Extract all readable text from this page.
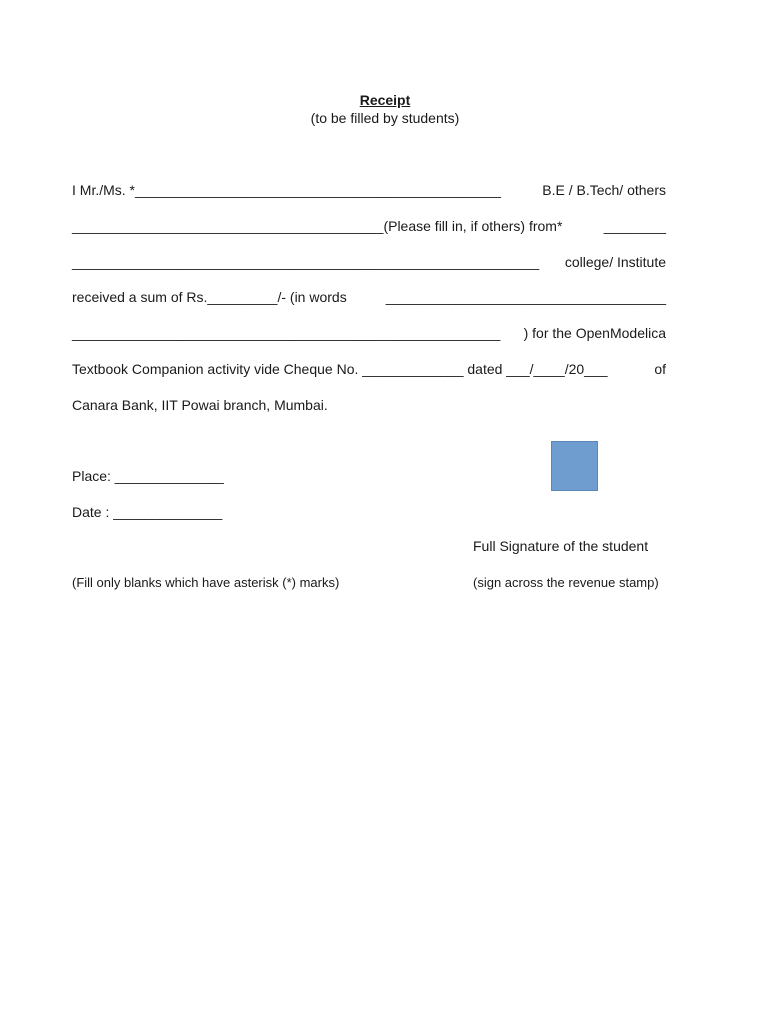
Receipt
(to be filled by students)
I Mr./Ms. *_______________________________________________	B.E / B.Tech/ others
________________________________________(Please fill in, if others) from*	________
____________________________________________________________ college/ Institute
received a sum of Rs._________/- (in words	____________________________________
_______________________________________________________ ) for the OpenModelica
Textbook Companion activity vide Cheque No. _____________ dated ___/____/20___	of
Canara Bank, IIT Powai branch, Mumbai.
Place: ______________
Date : ______________
Full Signature of the student
(Fill only blanks which have asterisk (*) marks)	(sign across the revenue stamp)
